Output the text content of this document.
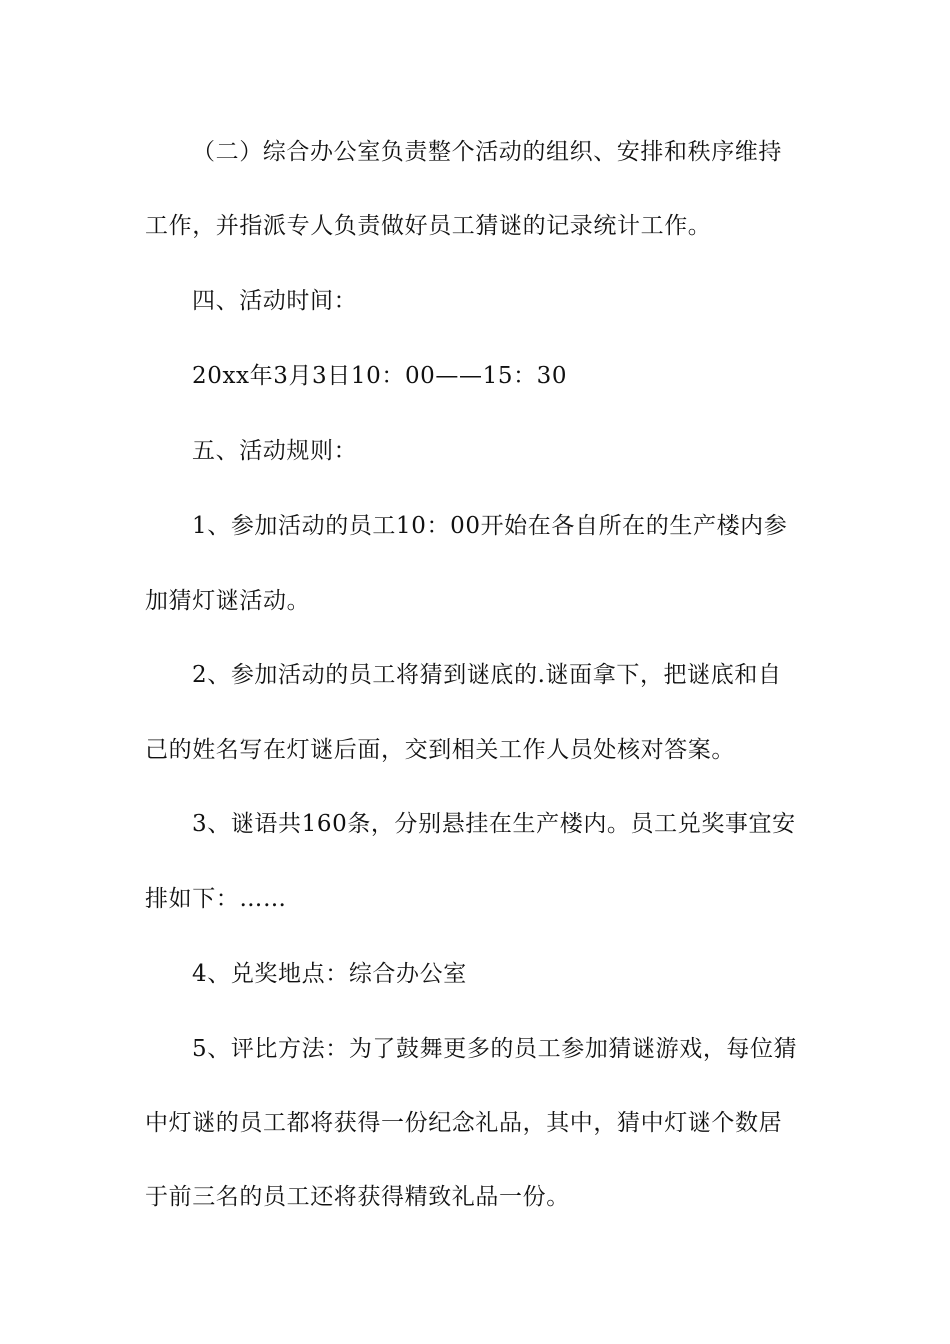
（二）综合办公室负责整个活动的组织、安排和秩序维持
工作，并指派专人负责做好员工猜谜的记录统计工作。
四、活动时间：
20xx年3月3日10：00——15：30
五、活动规则：
1、参加活动的员工10：00开始在各自所在的生产楼内参
加猜灯谜活动。
2、参加活动的员工将猜到谜底的.谜面拿下，把谜底和自
己的姓名写在灯谜后面，交到相关工作人员处核对答案。
3、谜语共160条，分别悬挂在生产楼内。员工兑奖事宜安
排如下：……
4、兑奖地点：综合办公室
5、评比方法：为了鼓舞更多的员工参加猜谜游戏，每位猜
中灯谜的员工都将获得一份纪念礼品，其中，猜中灯谜个数居
于前三名的员工还将获得精致礼品一份。
